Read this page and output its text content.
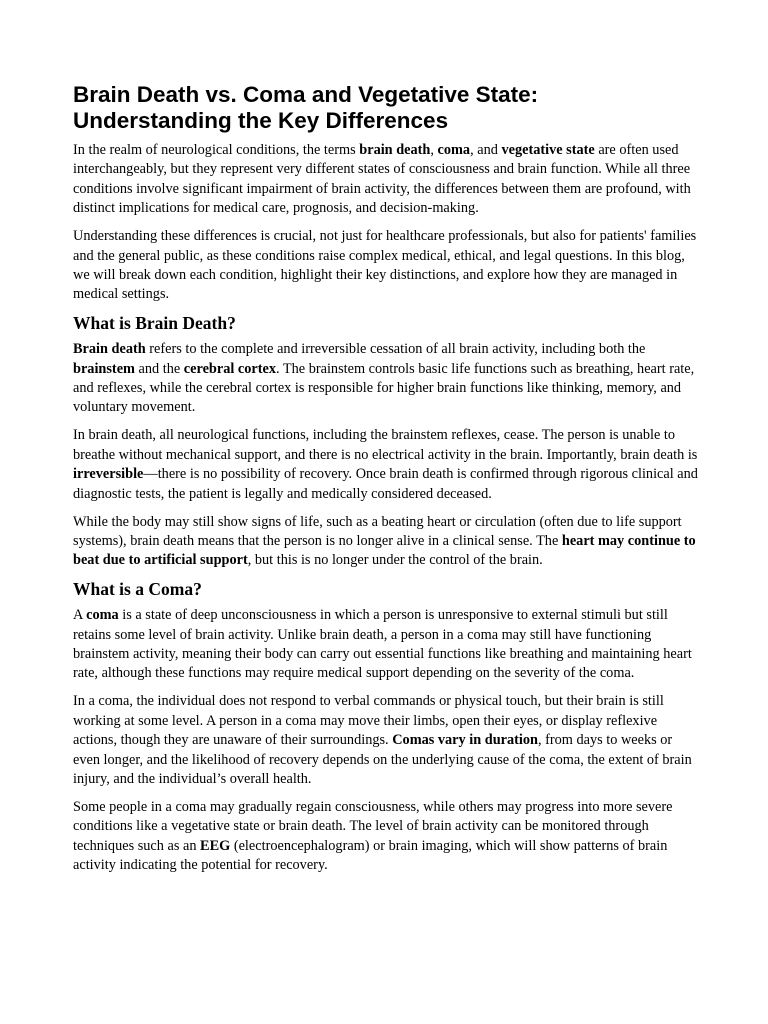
Brain Death vs. Coma and Vegetative State: Understanding the Key Differences

In the realm of neurological conditions, the terms brain death, coma, and vegetative state are often used interchangeably, but they represent very different states of consciousness and brain function. While all three conditions involve significant impairment of brain activity, the differences between them are profound, with distinct implications for medical care, prognosis, and decision-making.

Understanding these differences is crucial, not just for healthcare professionals, but also for patients' families and the general public, as these conditions raise complex medical, ethical, and legal questions. In this blog, we will break down each condition, highlight their key distinctions, and explore how they are managed in medical settings.

What is Brain Death?

Brain death refers to the complete and irreversible cessation of all brain activity, including both the brainstem and the cerebral cortex. The brainstem controls basic life functions such as breathing, heart rate, and reflexes, while the cerebral cortex is responsible for higher brain functions like thinking, memory, and voluntary movement.

In brain death, all neurological functions, including the brainstem reflexes, cease. The person is unable to breathe without mechanical support, and there is no electrical activity in the brain. Importantly, brain death is irreversible—there is no possibility of recovery. Once brain death is confirmed through rigorous clinical and diagnostic tests, the patient is legally and medically considered deceased.

While the body may still show signs of life, such as a beating heart or circulation (often due to life support systems), brain death means that the person is no longer alive in a clinical sense. The heart may continue to beat due to artificial support, but this is no longer under the control of the brain.

What is a Coma?

A coma is a state of deep unconsciousness in which a person is unresponsive to external stimuli but still retains some level of brain activity. Unlike brain death, a person in a coma may still have functioning brainstem activity, meaning their body can carry out essential functions like breathing and maintaining heart rate, although these functions may require medical support depending on the severity of the coma.

In a coma, the individual does not respond to verbal commands or physical touch, but their brain is still working at some level. A person in a coma may move their limbs, open their eyes, or display reflexive actions, though they are unaware of their surroundings. Comas vary in duration, from days to weeks or even longer, and the likelihood of recovery depends on the underlying cause of the coma, the extent of brain injury, and the individual’s overall health.

Some people in a coma may gradually regain consciousness, while others may progress into more severe conditions like a vegetative state or brain death. The level of brain activity can be monitored through techniques such as an EEG (electroencephalogram) or brain imaging, which will show patterns of brain activity indicating the potential for recovery.
